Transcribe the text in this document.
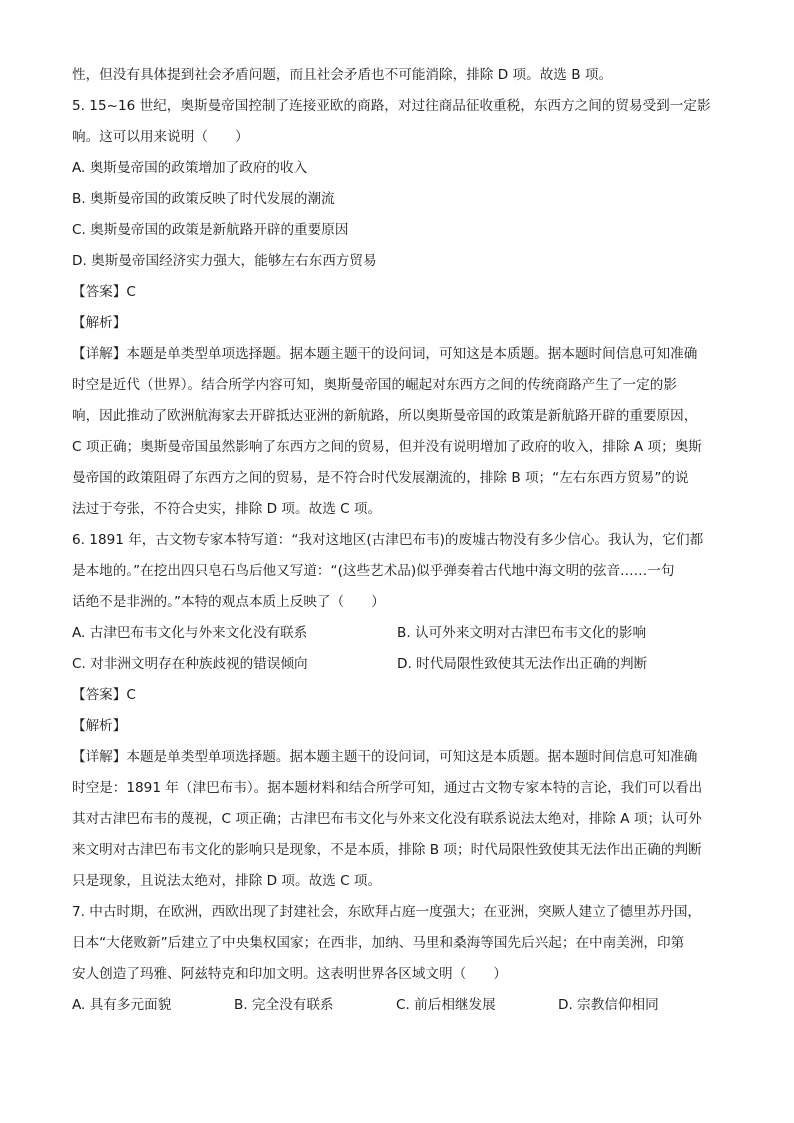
性，但没有具体提到社会矛盾问题，而且社会矛盾也不可能消除，排除 D 项。故选 B 项。
5. 15~16 世纪，奥斯曼帝国控制了连接亚欧的商路，对过往商品征收重税，东西方之间的贸易受到一定影
响。这可以用来说明（　　）
A. 奥斯曼帝国的政策增加了政府的收入
B. 奥斯曼帝国的政策反映了时代发展的潮流
C. 奥斯曼帝国的政策是新航路开辟的重要原因
D. 奥斯曼帝国经济实力强大，能够左右东西方贸易
【答案】C
【解析】
【详解】本题是单类型单项选择题。据本题主题干的设问词，可知这是本质题。据本题时间信息可知准确
时空是近代（世界）。结合所学内容可知，奥斯曼帝国的崛起对东西方之间的传统商路产生了一定的影
响，因此推动了欧洲航海家去开辟抵达亚洲的新航路，所以奥斯曼帝国的政策是新航路开辟的重要原因，
C 项正确；奥斯曼帝国虽然影响了东西方之间的贸易，但并没有说明增加了政府的收入，排除 A 项；奥斯
曼帝国的政策阻碍了东西方之间的贸易，是不符合时代发展潮流的，排除 B 项；“左右东西方贸易”的说
法过于夸张，不符合史实，排除 D 项。故选 C 项。
6. 1891 年，古文物专家本特写道：“我对这地区(古津巴布韦)的废墟古物没有多少信心。我认为，它们都
是本地的。”在挖出四只皂石鸟后他又写道：“(这些艺术品)似乎弹奏着古代地中海文明的弦音……一句
话绝不是非洲的。”本特的观点本质上反映了（　　）
A. 古津巴布韦文化与外来文化没有联系	B. 认可外来文明对古津巴布韦文化的影响
C. 对非洲文明存在种族歧视的错误倾向	D. 时代局限性致使其无法作出正确的判断
【答案】C
【解析】
【详解】本题是单类型单项选择题。据本题主题干的设问词，可知这是本质题。据本题时间信息可知准确
时空是：1891 年（津巴布韦）。据本题材料和结合所学可知，通过古文物专家本特的言论，我们可以看出
其对古津巴布韦的蔑视，C 项正确；古津巴布韦文化与外来文化没有联系说法太绝对，排除 A 项；认可外
来文明对古津巴布韦文化的影响只是现象，不是本质，排除 B 项；时代局限性致使其无法作出正确的判断
只是现象，且说法太绝对，排除 D 项。故选 C 项。
7. 中古时期，在欧洲，西欧出现了封建社会，东欧拜占庭一度强大；在亚洲，突厥人建立了德里苏丹国，
日本“大佬败新”后建立了中央集权国家；在西非，加纳、马里和桑海等国先后兴起；在中南美洲，印第
安人创造了玛雅、阿兹特克和印加文明。这表明世界各区域文明（　　）
A. 具有多元面貌	B. 完全没有联系	C. 前后相继发展	D. 宗教信仰相同
